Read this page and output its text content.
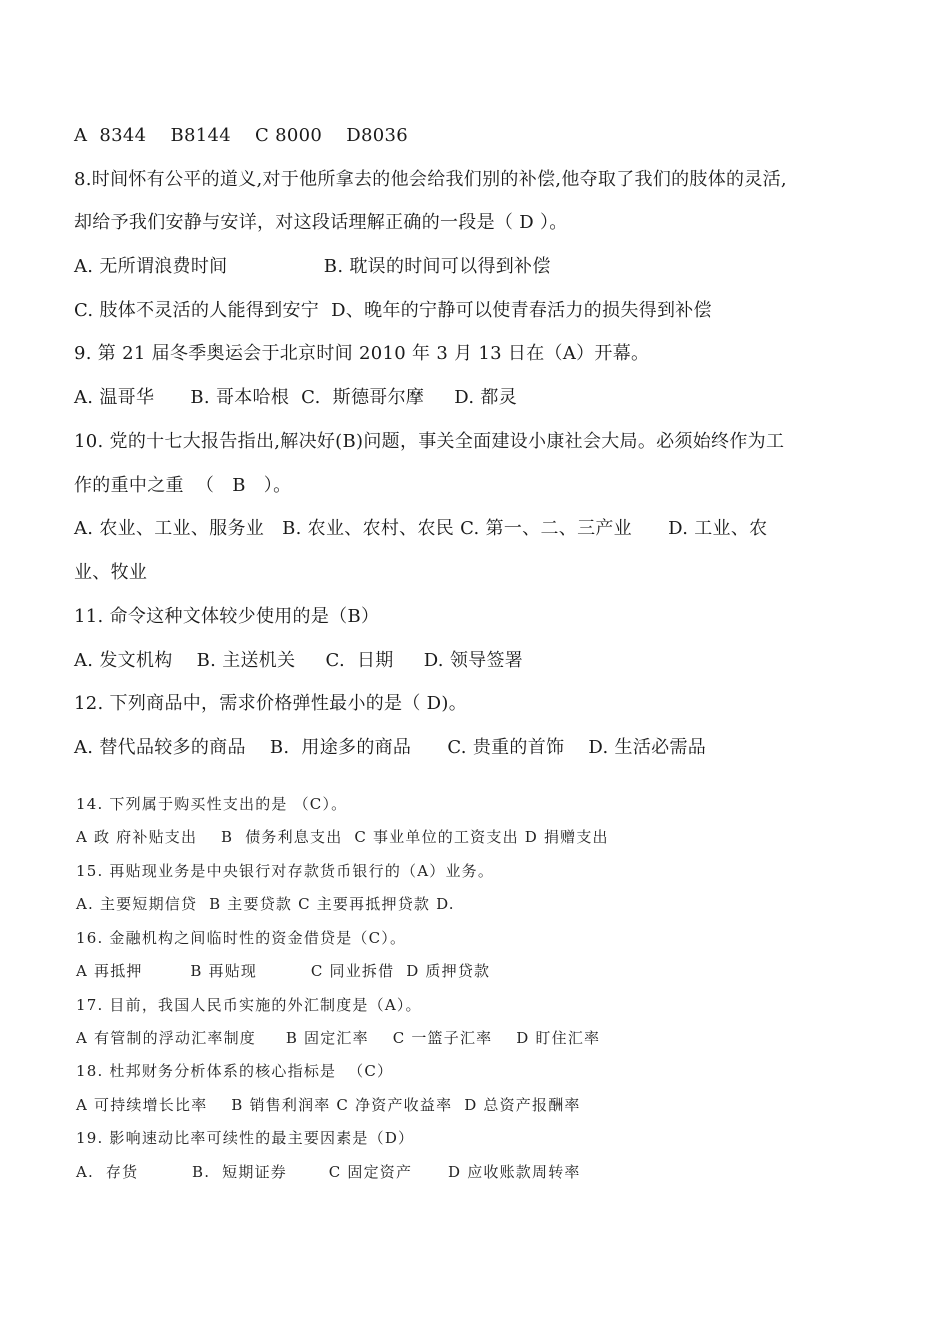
A  8344    B8144    C 8000    D8036
8.时间怀有公平的道义,对于他所拿去的他会给我们别的补偿,他夺取了我们的肢体的灵活,
却给予我们安静与安详，对这段话理解正确的一段是（ D ）。
A. 无所谓浪费时间                B. 耽误的时间可以得到补偿
C. 肢体不灵活的人能得到安宁  D、晚年的宁静可以使青春活力的损失得到补偿
9. 第 21 届冬季奥运会于北京时间 2010 年 3 月 13 日在（A）开幕。
A. 温哥华      B. 哥本哈根  C.  斯德哥尔摩     D. 都灵
10. 党的十七大报告指出,解决好(B)问题，事关全面建设小康社会大局。必须始终作为工
作的重中之重  （   B   ）。
A. 农业、工业、服务业   B. 农业、农村、农民 C. 第一、二、三产业      D. 工业、农
业、牧业
11. 命令这种文体较少使用的是（B）
A. 发文机构    B. 主送机关     C.  日期     D. 领导签署
12. 下列商品中，需求价格弹性最小的是（ D)。
A. 替代品较多的商品    B.  用途多的商品      C. 贵重的首饰    D. 生活必需品
14. 下列属于购买性支出的是 （C）。
A 政 府补贴支出    B  债务利息支出  C 事业单位的工资支出 D 捐赠支出
15. 再贴现业务是中央银行对存款货币银行的（A）业务。
A. 主要短期信贷  B 主要贷款 C 主要再抵押贷款 D.
16. 金融机构之间临时性的资金借贷是（C）。
A 再抵押        B 再贴现         C 同业拆借  D 质押贷款
17. 目前，我国人民币实施的外汇制度是（A）。
A 有管制的浮动汇率制度     B 固定汇率    C 一篮子汇率    D 盯住汇率
18. 杜邦财务分析体系的核心指标是  （C）
A 可持续增长比率    B 销售利润率 C 净资产收益率  D 总资产报酬率
19. 影响速动比率可续性的最主要因素是（D）
A.  存货         B.  短期证券       C 固定资产      D 应收账款周转率
